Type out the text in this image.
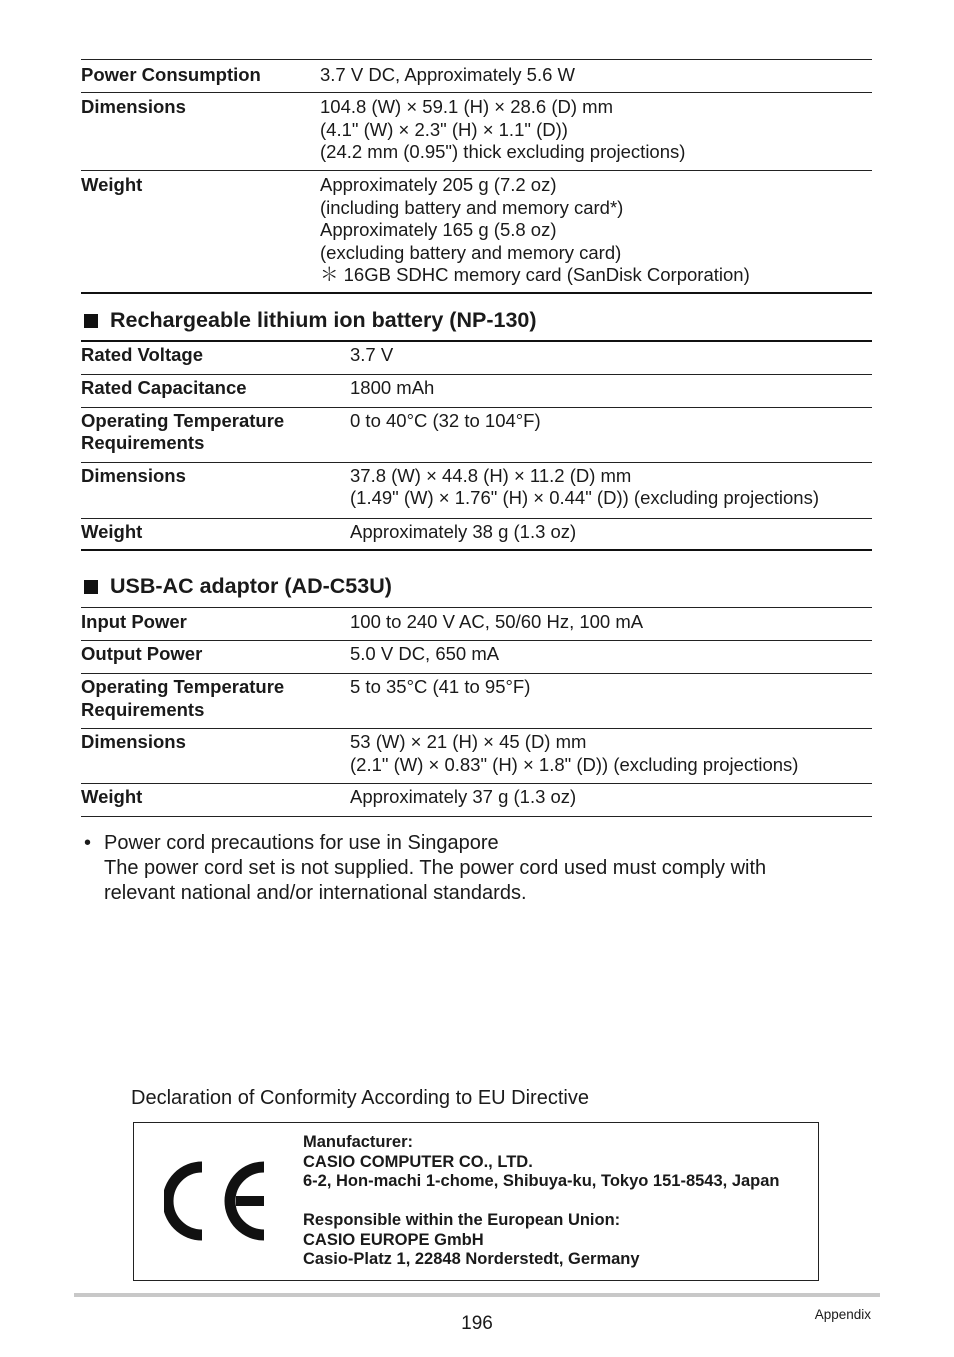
Power Consumption	3.7 V DC, Approximately 5.6 W

Dimensions	104.8 (W) × 59.1 (H) × 28.6 (D) mm
(4.1" (W) × 2.3" (H) × 1.1" (D))
(24.2 mm (0.95") thick excluding projections)

Weight	Approximately 205 g (7.2 oz)
(including battery and memory card*)
Approximately 165 g (5.8 oz)
(excluding battery and memory card)
＊ 16GB SDHC memory card (SanDisk Corporation)
Rechargeable lithium ion battery (NP-130)
Rated Voltage	3.7 V

Rated Capacitance	1800 mAh

Operating Temperature
Requirements	0 to 40°C (32 to 104°F)

Dimensions	37.8 (W) × 44.8 (H) × 11.2 (D) mm
(1.49" (W) × 1.76" (H) × 0.44" (D)) (excluding projections)

Weight	Approximately 38 g (1.3 oz)
USB-AC adaptor (AD-C53U)
Input Power	100 to 240 V AC, 50/60 Hz, 100 mA

Output Power	5.0 V DC, 650 mA

Operating Temperature
Requirements	5 to 35°C (41 to 95°F)

Dimensions	53 (W) × 21 (H) × 45 (D) mm
(2.1" (W) × 0.83" (H) × 1.8" (D)) (excluding projections)

Weight	Approximately 37 g (1.3 oz)
• Power cord precautions for use in Singapore
The power cord set is not supplied. The power cord used must comply with
relevant national and/or international standards.
Declaration of Conformity According to EU Directive
Manufacturer:
CASIO COMPUTER CO., LTD.
6-2, Hon-machi 1-chome, Shibuya-ku, Tokyo 151-8543, Japan
Responsible within the European Union:
CASIO EUROPE GmbH
Casio-Platz 1, 22848 Norderstedt, Germany
196	Appendix
